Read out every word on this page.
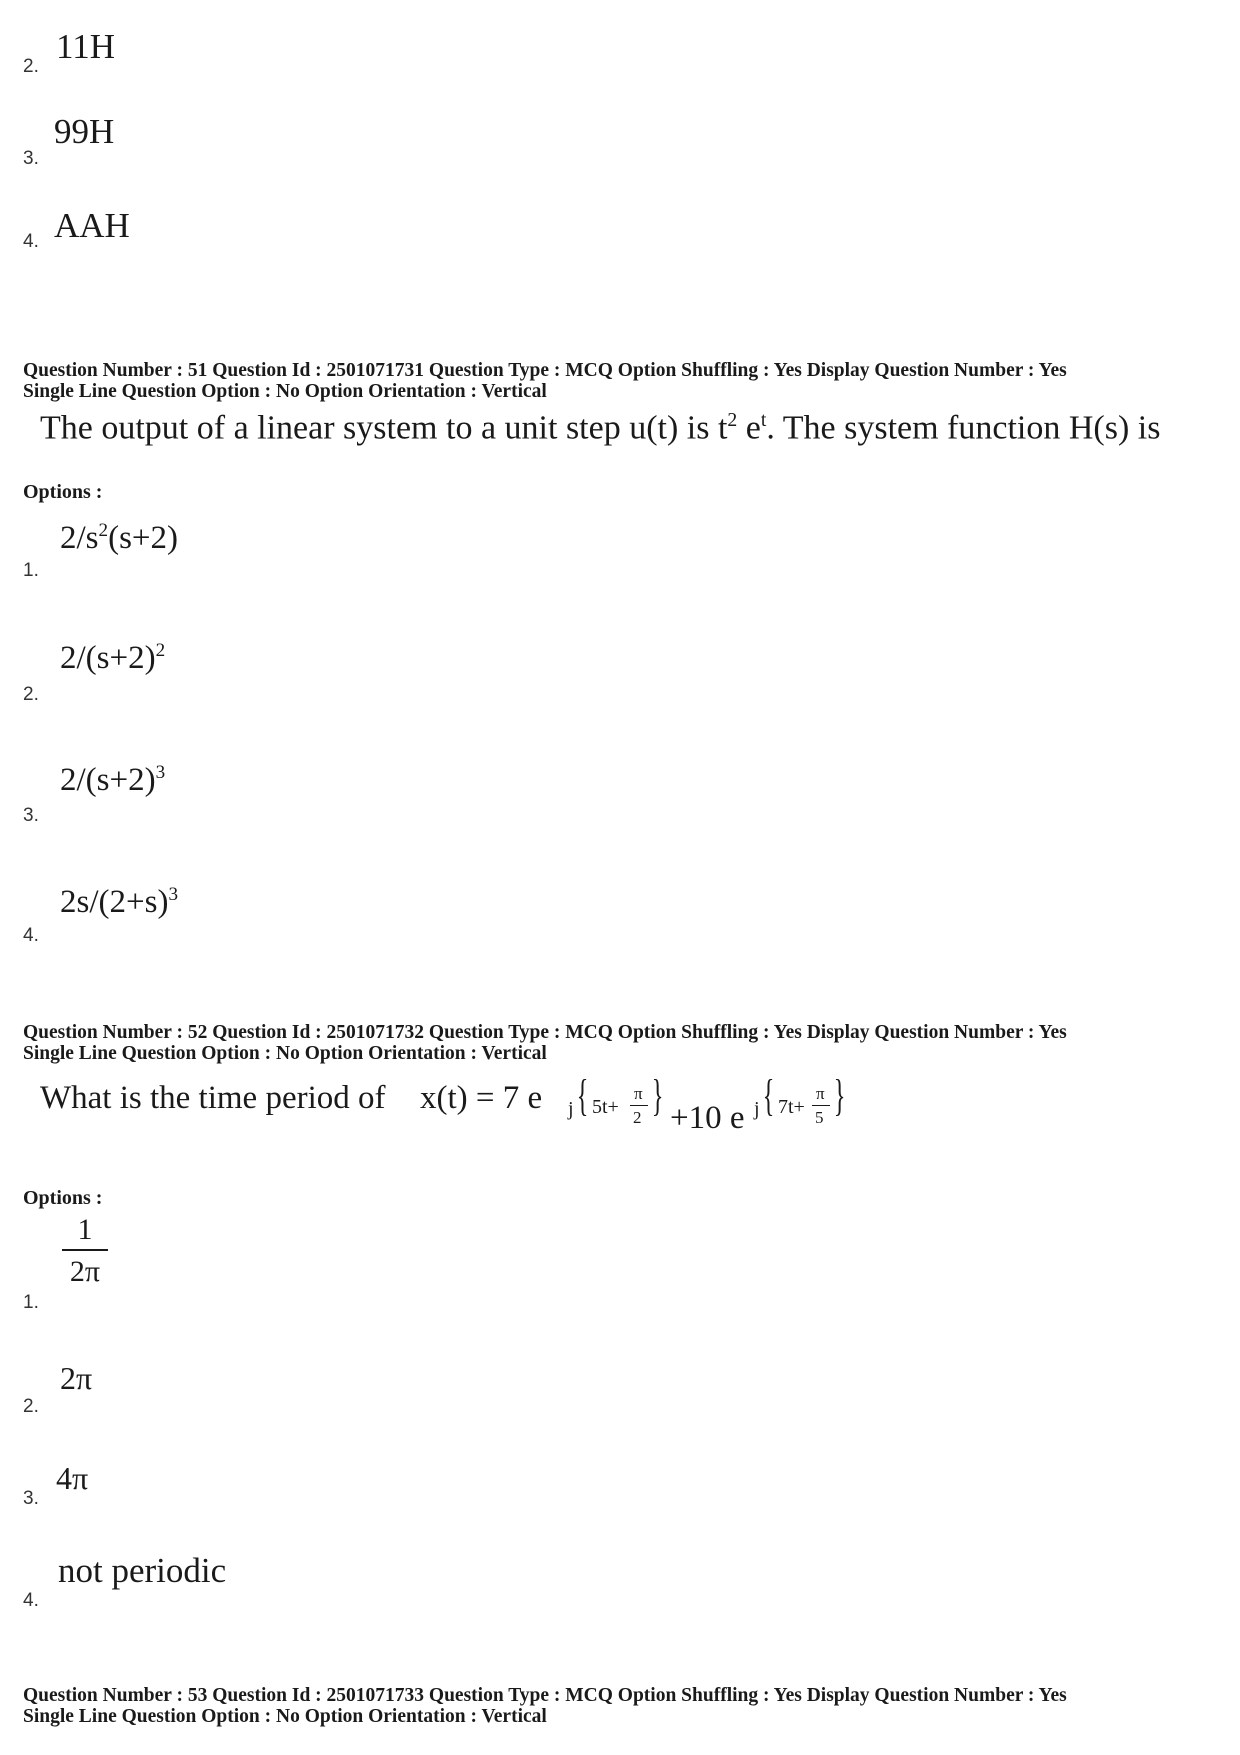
2.
11H
3.
99H
4. AAH
Question Number : 51 Question Id : 2501071731 Question Type : MCQ Option Shuffling : Yes Display Question Number : Yes
Single Line Question Option : No Option Orientation : Vertical
The output of a linear system to a unit step u(t) is $t^2$ $e^t$. The system function H(s) is
Options :
1.
$2/s^2(s+2)$
2.
$2/(s+2)^2$
3.
$2/(s+2)^3$
4.
$2s/(2+s)^3$
Question Number : 52 Question Id : 2501071732 Question Type : MCQ Option Shuffling : Yes Display Question Number : Yes
Single Line Question Option : No Option Orientation : Vertical
What is the time period of x(t) = 7 e j { 5t+
π
2 } +10 e j { 7t+
π
5 }
Options :
1.
1
2π
2.
2π
3.
4π
4.
not periodic
Question Number : 53 Question Id : 2501071733 Question Type : MCQ Option Shuffling : Yes Display Question Number : Yes
Single Line Question Option : No Option Orientation : Vertical
